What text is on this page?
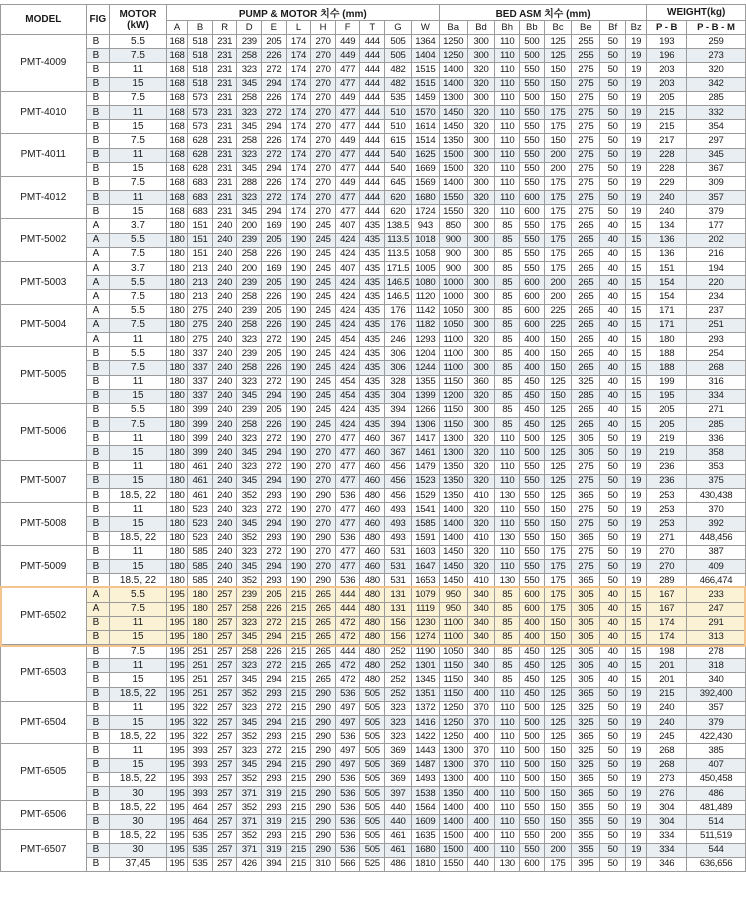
MODEL	FIG	MOTOR
(kW)	PUMP & MOTOR 치수 (mm)											BED ASM 치수 (mm)								WEIGHT(kg)	
			A	B	R	D	E	L	H	F	T	G	W	Ba	Bd	Bh	Bb	Bc	Be	Bf	Bz	P - B	P - B - M
PMT-4009	B	5.5	168	518	231	239	205	174	270	449	444	505	1364	1250	300	110	500	125	255	50	19	193	259
	B	7.5	168	518	231	258	226	174	270	449	444	505	1404	1250	300	110	500	125	255	50	19	196	273
	B	11	168	518	231	323	272	174	270	477	444	482	1515	1400	320	110	550	150	275	50	19	203	320
	B	15	168	518	231	345	294	174	270	477	444	482	1515	1400	320	110	550	150	275	50	19	203	342
PMT-4010	B	7.5	168	573	231	258	226	174	270	449	444	535	1459	1300	300	110	500	150	275	50	19	205	285
	B	11	168	573	231	323	272	174	270	477	444	510	1570	1450	320	110	550	175	275	50	19	215	332
	B	15	168	573	231	345	294	174	270	477	444	510	1614	1450	320	110	550	175	275	50	19	215	354
PMT-4011	B	7.5	168	628	231	258	226	174	270	449	444	615	1514	1350	300	110	550	150	275	50	19	217	297
	B	11	168	628	231	323	272	174	270	477	444	540	1625	1500	300	110	550	200	275	50	19	228	345
	B	15	168	628	231	345	294	174	270	477	444	540	1669	1500	320	110	550	200	275	50	19	228	367
PMT-4012	B	7.5	168	683	231	288	226	174	270	449	444	645	1569	1400	300	110	550	175	275	50	19	229	309
	B	11	168	683	231	323	272	174	270	477	444	620	1680	1550	320	110	600	175	275	50	19	240	357
	B	15	168	683	231	345	294	174	270	477	444	620	1724	1550	320	110	600	175	275	50	19	240	379
PMT-5002	A	3.7	180	151	240	200	169	190	245	407	435	138.5	943	850	300	85	550	175	265	40	15	134	177
	A	5.5	180	151	240	239	205	190	245	424	435	113.5	1018	900	300	85	550	175	265	40	15	136	202
	A	7.5	180	151	240	258	226	190	245	424	435	113.5	1058	900	300	85	550	175	265	40	15	136	216
PMT-5003	A	3.7	180	213	240	200	169	190	245	407	435	171.5	1005	900	300	85	550	175	265	40	15	151	194
	A	5.5	180	213	240	239	205	190	245	424	435	146.5	1080	1000	300	85	600	200	265	40	15	154	220
	A	7.5	180	213	240	258	226	190	245	424	435	146.5	1120	1000	300	85	600	200	265	40	15	154	234
PMT-5004	A	5.5	180	275	240	239	205	190	245	424	435	176	1142	1050	300	85	600	225	265	40	15	171	237
	A	7.5	180	275	240	258	226	190	245	424	435	176	1182	1050	300	85	600	225	265	40	15	171	251
	A	11	180	275	240	323	272	190	245	454	435	246	1293	1100	320	85	400	150	265	40	15	180	293
PMT-5005	B	5.5	180	337	240	239	205	190	245	424	435	306	1204	1100	300	85	400	150	265	40	15	188	254
	B	7.5	180	337	240	258	226	190	245	424	435	306	1244	1100	300	85	400	150	265	40	15	188	268
	B	11	180	337	240	323	272	190	245	454	435	328	1355	1150	360	85	450	125	325	40	15	199	316
	B	15	180	337	240	345	294	190	245	454	435	304	1399	1200	320	85	450	150	285	40	15	195	334
PMT-5006	B	5.5	180	399	240	239	205	190	245	424	435	394	1266	1150	300	85	450	125	265	40	15	205	271
	B	7.5	180	399	240	258	226	190	245	424	435	394	1306	1150	300	85	450	125	265	40	15	205	285
	B	11	180	399	240	323	272	190	270	477	460	367	1417	1300	320	110	500	125	305	50	19	219	336
	B	15	180	399	240	345	294	190	270	477	460	367	1461	1300	320	110	500	125	305	50	19	219	358
PMT-5007	B	11	180	461	240	323	272	190	270	477	460	456	1479	1350	320	110	550	125	275	50	19	236	353
	B	15	180	461	240	345	294	190	270	477	460	456	1523	1350	320	110	550	125	275	50	19	236	375
	B	18.5, 22	180	461	240	352	293	190	290	536	480	456	1529	1350	410	130	550	125	365	50	19	253	430,438
PMT-5008	B	11	180	523	240	323	272	190	270	477	460	493	1541	1400	320	110	550	150	275	50	19	253	370
	B	15	180	523	240	345	294	190	270	477	460	493	1585	1400	320	110	550	150	275	50	19	253	392
	B	18.5, 22	180	523	240	352	293	190	290	536	480	493	1591	1400	410	130	550	150	365	50	19	271	448,456
PMT-5009	B	11	180	585	240	323	272	190	270	477	460	531	1603	1450	320	110	550	175	275	50	19	270	387
	B	15	180	585	240	345	294	190	270	477	460	531	1647	1450	320	110	550	175	275	50	19	270	409
	B	18.5, 22	180	585	240	352	293	190	290	536	480	531	1653	1450	410	130	550	175	365	50	19	289	466,474
PMT-6502	A	5.5	195	180	257	239	205	215	265	444	480	131	1079	950	340	85	600	175	305	40	15	167	233
	A	7.5	195	180	257	258	226	215	265	444	480	131	1119	950	340	85	600	175	305	40	15	167	247
	B	11	195	180	257	323	272	215	265	472	480	156	1230	1100	340	85	400	150	305	40	15	174	291
	B	15	195	180	257	345	294	215	265	472	480	156	1274	1100	340	85	400	150	305	40	15	174	313
PMT-6503	B	7.5	195	251	257	258	226	215	265	444	480	252	1190	1050	340	85	450	125	305	40	15	198	278
	B	11	195	251	257	323	272	215	265	472	480	252	1301	1150	340	85	450	125	305	40	15	201	318
	B	15	195	251	257	345	294	215	265	472	480	252	1345	1150	340	85	450	125	305	40	15	201	340
	B	18.5, 22	195	251	257	352	293	215	290	536	505	252	1351	1150	400	110	450	125	365	50	19	215	392,400
PMT-6504	B	11	195	322	257	323	272	215	290	497	505	323	1372	1250	370	110	500	125	325	50	19	240	357
	B	15	195	322	257	345	294	215	290	497	505	323	1416	1250	370	110	500	125	325	50	19	240	379
	B	18.5, 22	195	322	257	352	293	215	290	536	505	323	1422	1250	400	110	500	125	365	50	19	245	422,430
PMT-6505	B	11	195	393	257	323	272	215	290	497	505	369	1443	1300	370	110	500	150	325	50	19	268	385
	B	15	195	393	257	345	294	215	290	497	505	369	1487	1300	370	110	500	150	325	50	19	268	407
	B	18.5, 22	195	393	257	352	293	215	290	536	505	369	1493	1300	400	110	500	150	365	50	19	273	450,458
	B	30	195	393	257	371	319	215	290	536	505	397	1538	1350	400	110	500	150	365	50	19	276	486
PMT-6506	B	18.5, 22	195	464	257	352	293	215	290	536	505	440	1564	1400	400	110	550	150	355	50	19	304	481,489
	B	30	195	464	257	371	319	215	290	536	505	440	1609	1400	400	110	550	150	355	50	19	304	514
PMT-6507	B	18.5, 22	195	535	257	352	293	215	290	536	505	461	1635	1500	400	110	550	200	355	50	19	334	511,519
	B	30	195	535	257	371	319	215	290	536	505	461	1680	1500	400	110	550	200	355	50	19	334	544
	B	37,45	195	535	257	426	394	215	310	566	525	486	1810	1550	440	130	600	175	395	50	19	346	636,656
